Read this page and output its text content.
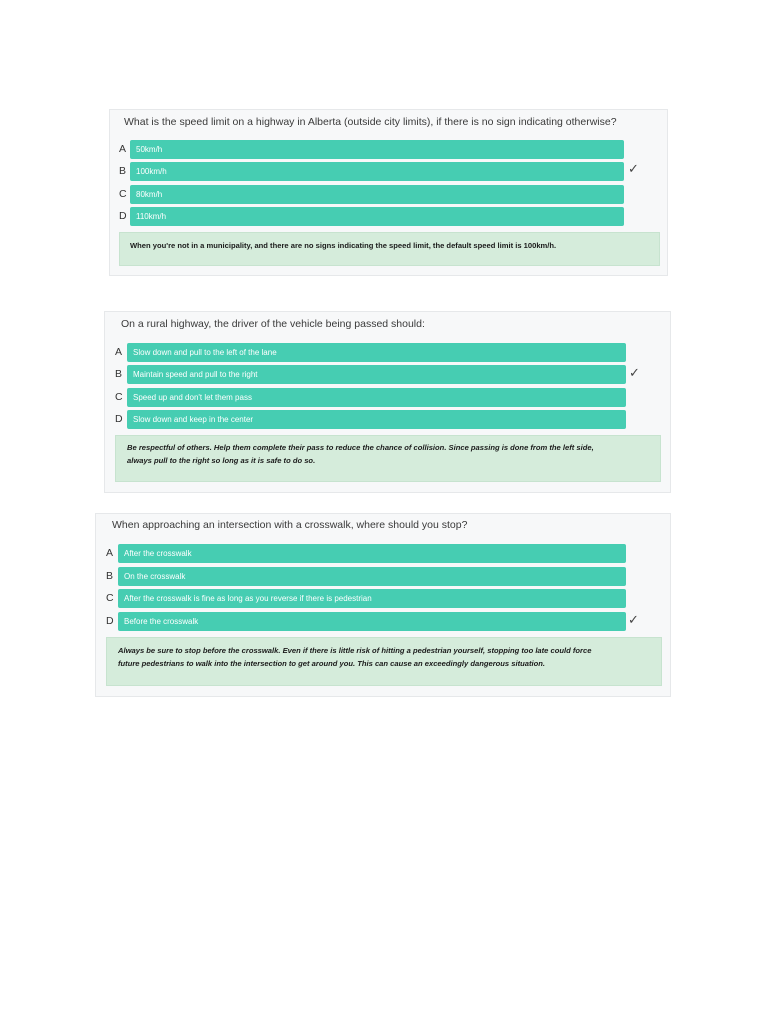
What is the speed limit on a highway in Alberta (outside city limits), if there is no sign indicating otherwise?
A	50km/h
B	100km/h	✓
C	80km/h
D	110km/h
When you're not in a municipality, and there are no signs indicating the speed limit, the default speed limit is 100km/h.
On a rural highway, the driver of the vehicle being passed should:
A	Slow down and pull to the left of the lane
B	Maintain speed and pull to the right	✓
C	Speed up and don't let them pass
D	Slow down and keep in the center
Be respectful of others. Help them complete their pass to reduce the chance of collision. Since passing is done from the left side,
always pull to the right so long as it is safe to do so.
When approaching an intersection with a crosswalk, where should you stop?
A	After the crosswalk
B	On the crosswalk
C	After the crosswalk is fine as long as you reverse if there is pedestrian
D	Before the crosswalk	✓
Always be sure to stop before the crosswalk. Even if there is little risk of hitting a pedestrian yourself, stopping too late could force
future pedestrians to walk into the intersection to get around you. This can cause an exceedingly dangerous situation.
